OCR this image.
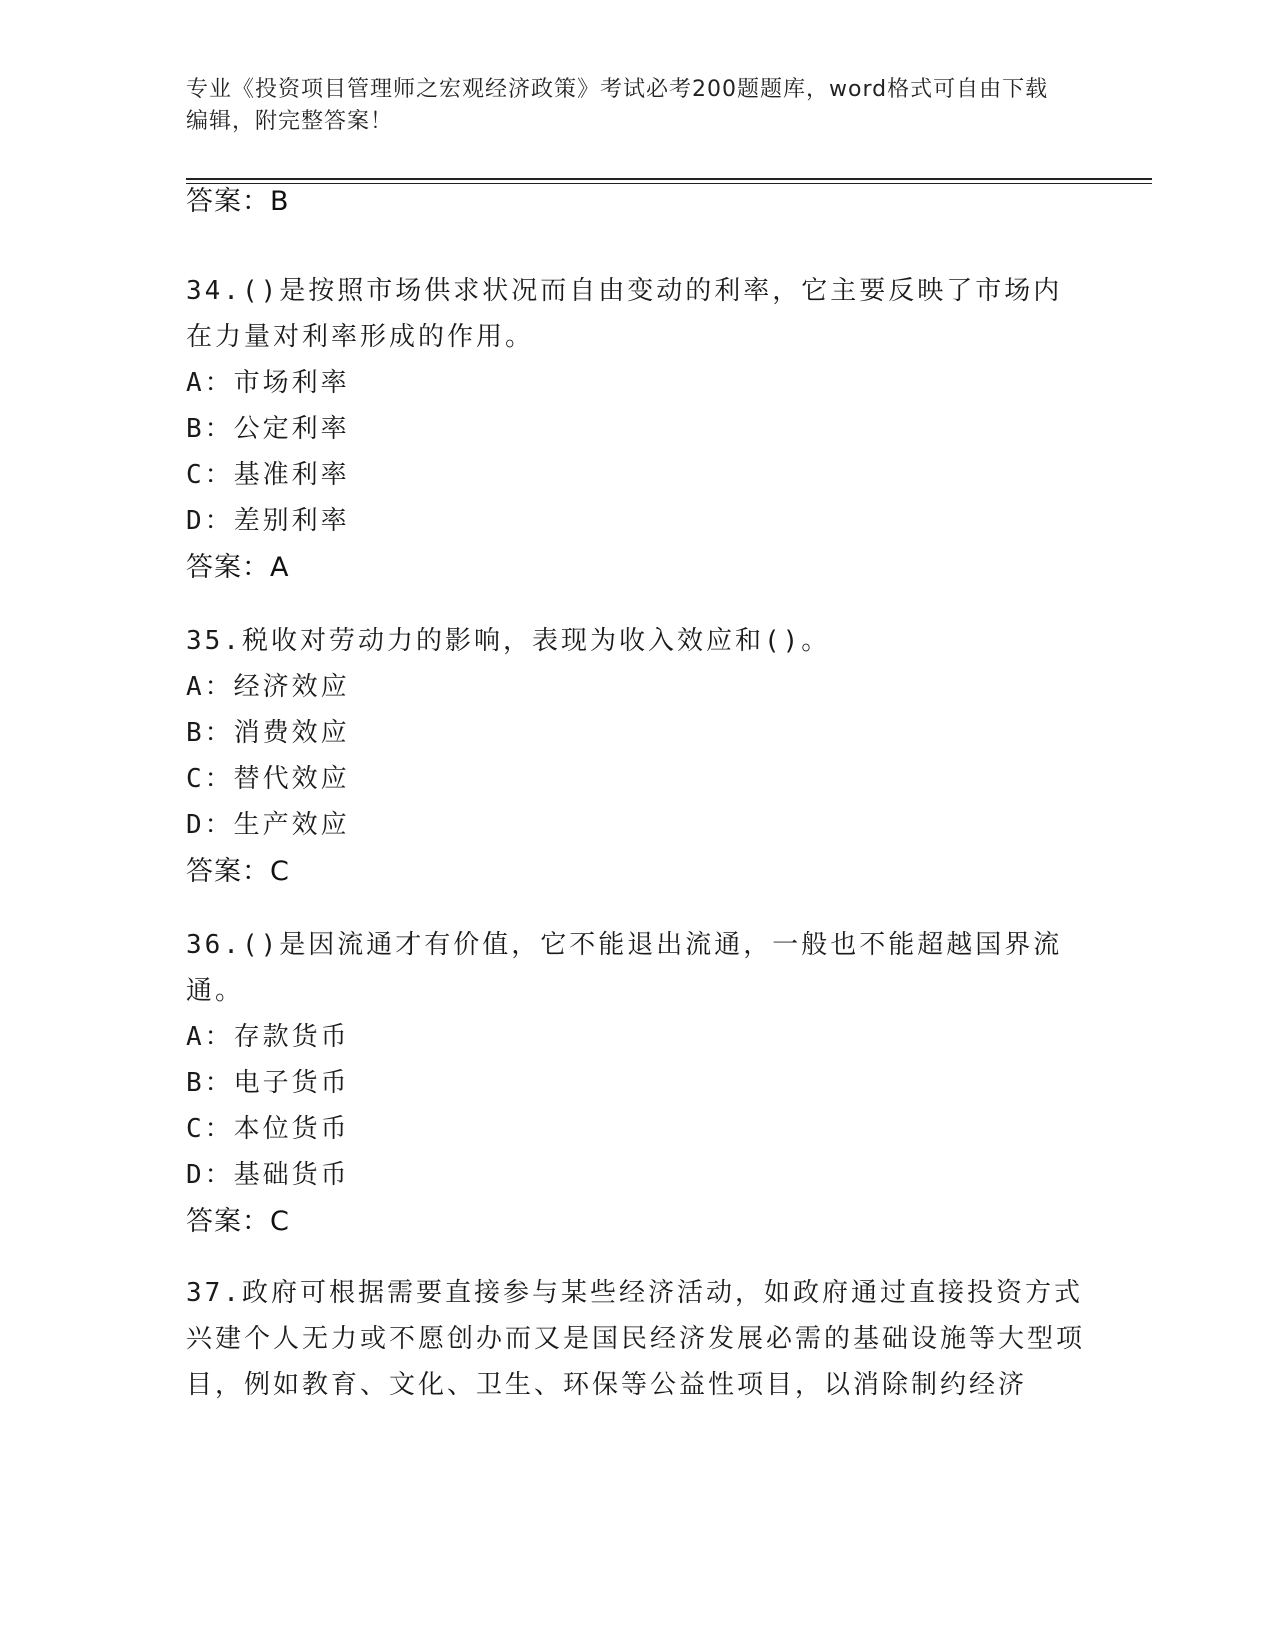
专业《投资项目管理师之宏观经济政策》考试必考200题题库，word格式可自由下载编辑，附完整答案！
答案：B
34.()是按照市场供求状况而自由变动的利率，它主要反映了市场内在力量对利率形成的作用。
A：市场利率
B：公定利率
C：基准利率
D：差别利率
答案：A
35.税收对劳动力的影响，表现为收入效应和()。
A：经济效应
B：消费效应
C：替代效应
D：生产效应
答案：C
36.()是因流通才有价值，它不能退出流通，一般也不能超越国界流通。
A：存款货币
B：电子货币
C：本位货币
D：基础货币
答案：C
37.政府可根据需要直接参与某些经济活动，如政府通过直接投资方式兴建个人无力或不愿创办而又是国民经济发展必需的基础设施等大型项目，例如教育、文化、卫生、环保等公益性项目，以消除制约经济
